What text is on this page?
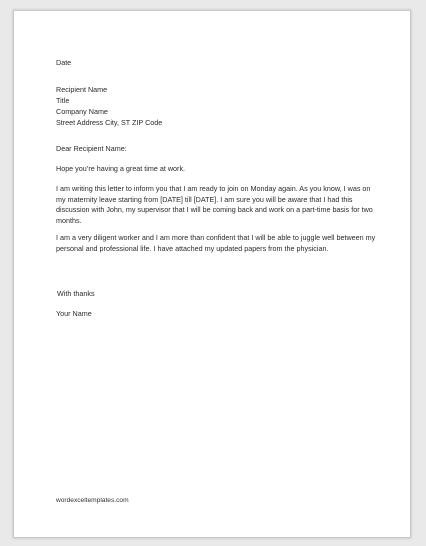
Date
Recipient Name
Title
Company Name
Street Address City, ST ZIP Code
Dear Recipient Name:
Hope you’re having a great time at work.
I am writing this letter to inform you that I am ready to join on Monday again. As you know, I was on my maternity leave starting from [DATE] till [DATE]. I am sure you will be aware that I had this discussion with John, my supervisor that I will be coming back and work on a part-time basis for two months.
I am a very diligent worker and I am more than confident that I will be able to juggle well between my personal and professional life. I have attached my updated papers from the physician.
With thanks
Your Name
wordexceltemplates.com
